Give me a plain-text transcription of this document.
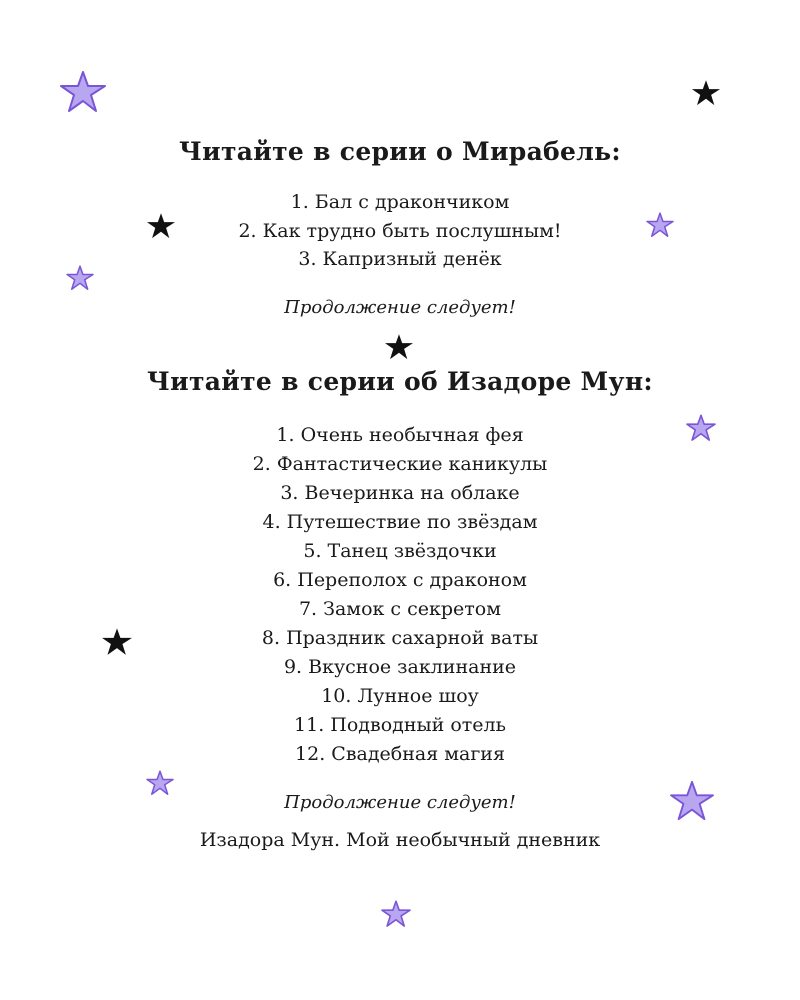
Читайте в серии о Мирабель:
1. Бал с дракончиком
2. Как трудно быть послушным!
3. Капризный денёк

Продолжение следует!

Читайте в серии об Изадоре Мун:
1. Очень необычная фея
2. Фантастические каникулы
3. Вечеринка на облаке
4. Путешествие по звёздам
5. Танец звёздочки
6. Переполох с драконом
7. Замок с секретом
8. Праздник сахарной ваты
9. Вкусное заклинание
10. Лунное шоу
11. Подводный отель
12. Свадебная магия

Продолжение следует!

Изадора Мун. Мой необычный дневник
